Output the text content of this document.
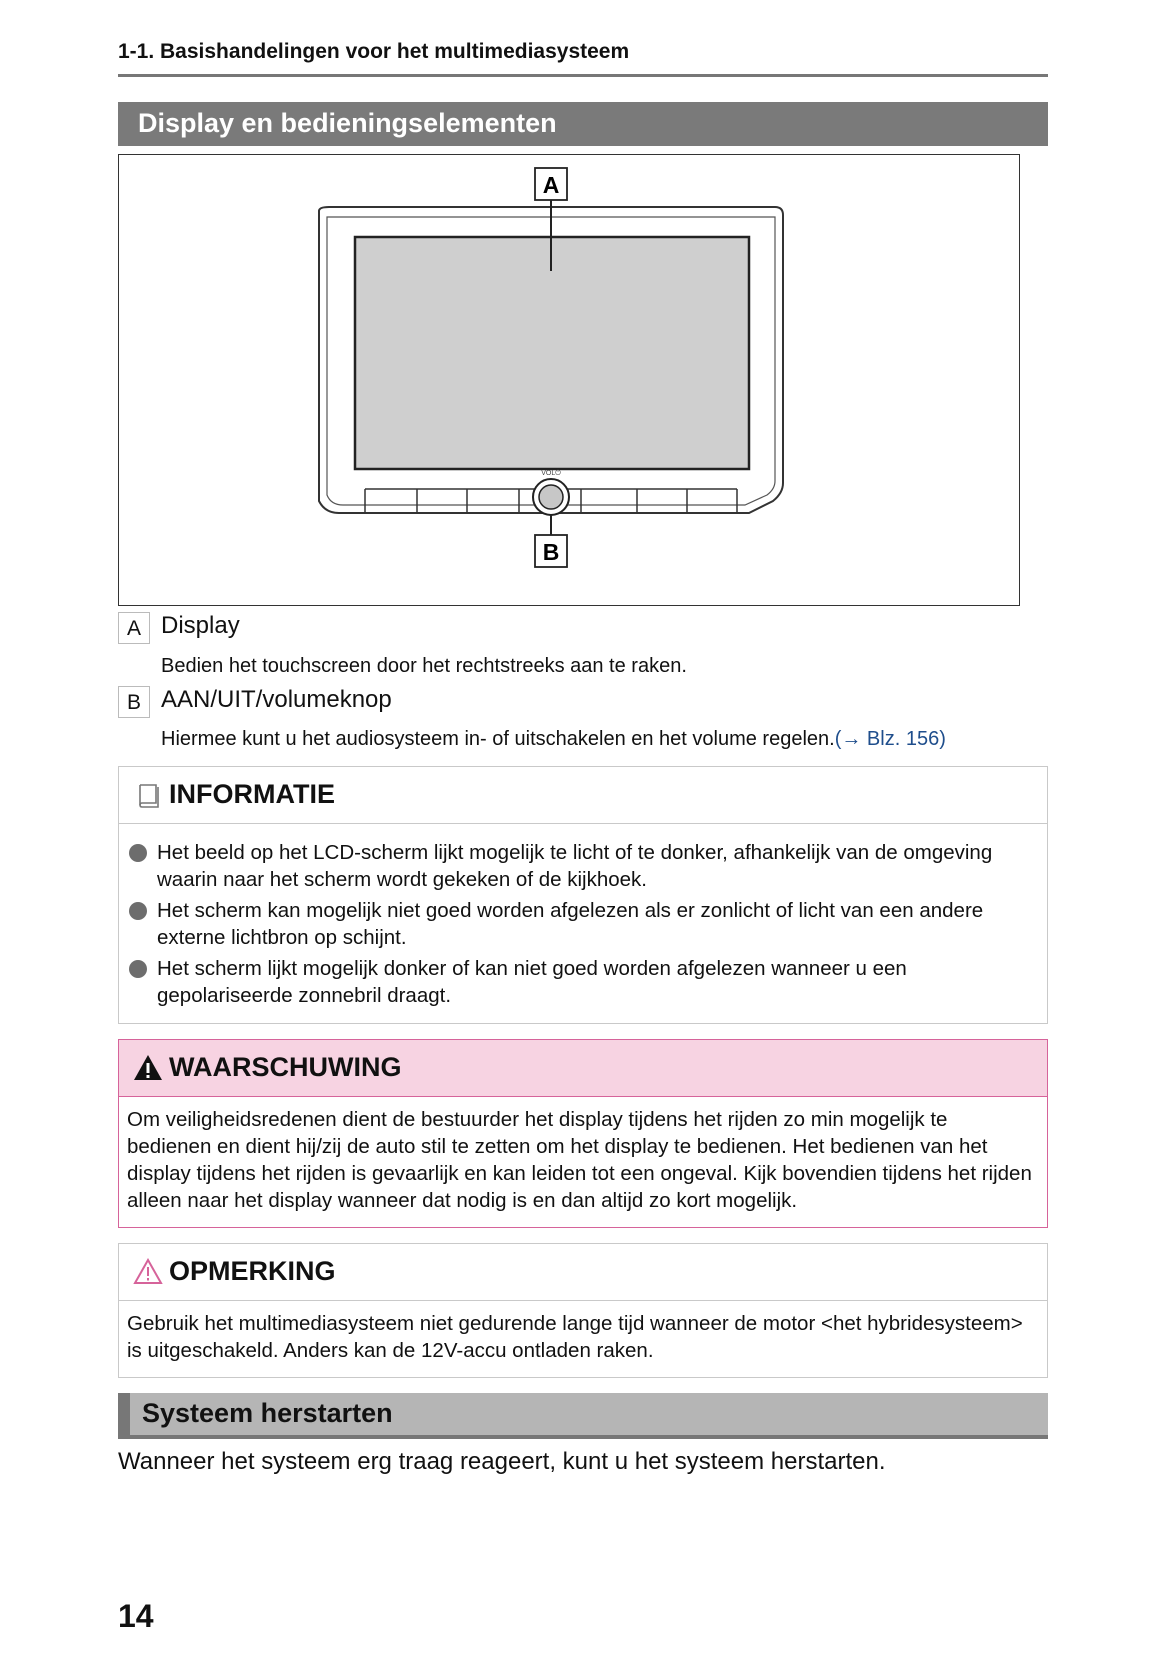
1-1. Basishandelingen voor het multimediasysteem
Display en bedieningselementen
VOL⏻
A
B
A Display
Bedien het touchscreen door het rechtstreeks aan te raken.
B AAN/UIT/volumeknop
Hiermee kunt u het audiosysteem in- of uitschakelen en het volume regelen.(→ Blz. 156)
INFORMATIE
Het beeld op het LCD-scherm lijkt mogelijk te licht of te donker, afhankelijk van de omgeving waarin naar het scherm wordt gekeken of de kijkhoek.
Het scherm kan mogelijk niet goed worden afgelezen als er zonlicht of licht van een andere externe lichtbron op schijnt.
Het scherm lijkt mogelijk donker of kan niet goed worden afgelezen wanneer u een gepolariseerde zonnebril draagt.
WAARSCHUWING
Om veiligheidsredenen dient de bestuurder het display tijdens het rijden zo min mogelijk te bedienen en dient hij/zij de auto stil te zetten om het display te bedienen. Het bedienen van het display tijdens het rijden is gevaarlijk en kan leiden tot een ongeval. Kijk bovendien tijdens het rijden alleen naar het display wanneer dat nodig is en dan altijd zo kort mogelijk.
OPMERKING
Gebruik het multimediasysteem niet gedurende lange tijd wanneer de motor <het hybridesysteem> is uitgeschakeld. Anders kan de 12V-accu ontladen raken.
Systeem herstarten
Wanneer het systeem erg traag reageert, kunt u het systeem herstarten.
14
